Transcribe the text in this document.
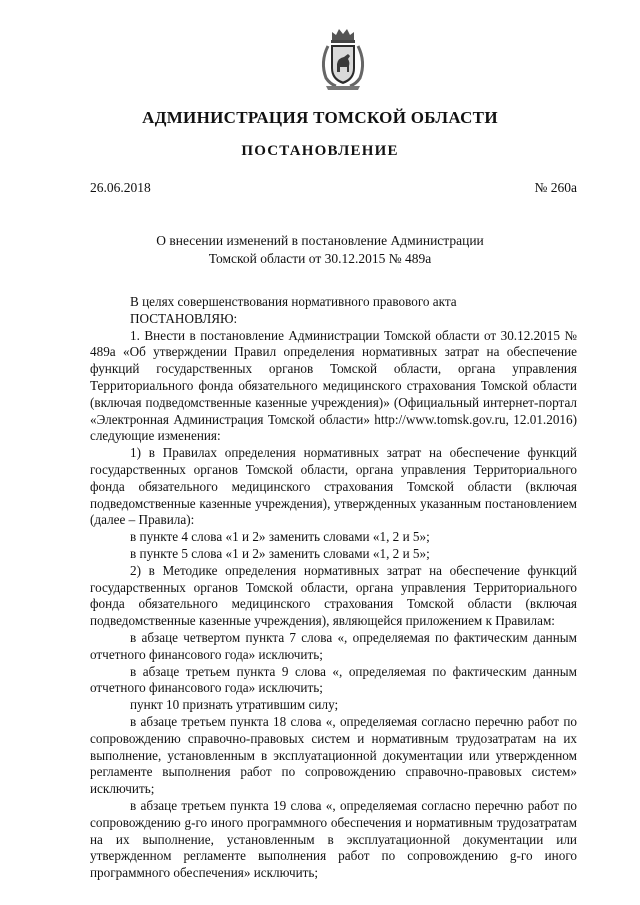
АДМИНИСТРАЦИЯ ТОМСКОЙ ОБЛАСТИ
ПОСТАНОВЛЕНИЕ
26.06.2018	№ 260а
О внесении изменений в постановление Администрации
Томской области от 30.12.2015 № 489а

В целях совершенствования нормативного правового акта

ПОСТАНОВЛЯЮ:

1. Внести в постановление Администрации Томской области от 30.12.2015 № 489а «Об утверждении Правил определения нормативных затрат на обеспечение функций государственных органов Томской области, органа управления Территориального фонда обязательного медицинского страхования Томской области (включая подведомственные казенные учреждения)» (Официальный интернет-портал «Электронная Администрация Томской области» http://www.tomsk.gov.ru, 12.01.2016) следующие изменения:

1) в Правилах определения нормативных затрат на обеспечение функций государственных органов Томской области, органа управления Территориального фонда обязательного медицинского страхования Томской области (включая подведомственные казенные учреждения), утвержденных указанным постановлением (далее – Правила):

в пункте 4 слова «1 и 2» заменить словами «1, 2 и 5»;

в пункте 5 слова «1 и 2» заменить словами «1, 2 и 5»;

2) в Методике определения нормативных затрат на обеспечение функций государственных органов Томской области, органа управления Территориального фонда обязательного медицинского страхования Томской области (включая подведомственные казенные учреждения), являющейся приложением к Правилам:

в абзаце четвертом пункта 7 слова «, определяемая по фактическим данным отчетного финансового года» исключить;

в абзаце третьем пункта 9 слова «, определяемая по фактическим данным отчетного финансового года» исключить;

пункт 10 признать утратившим силу;

в абзаце третьем пункта 18 слова «, определяемая согласно перечню работ по сопровождению справочно-правовых систем и нормативным трудозатратам на их выполнение, установленным в эксплуатационной документации или утвержденном регламенте выполнения работ по сопровождению справочно-правовых систем» исключить;

в абзаце третьем пункта 19 слова «, определяемая согласно перечню работ по сопровождению g-го иного программного обеспечения и нормативным трудозатратам на их выполнение, установленным в эксплуатационной документации или утвержденном регламенте выполнения работ по сопровождению g-го иного программного обеспечения» исключить;
